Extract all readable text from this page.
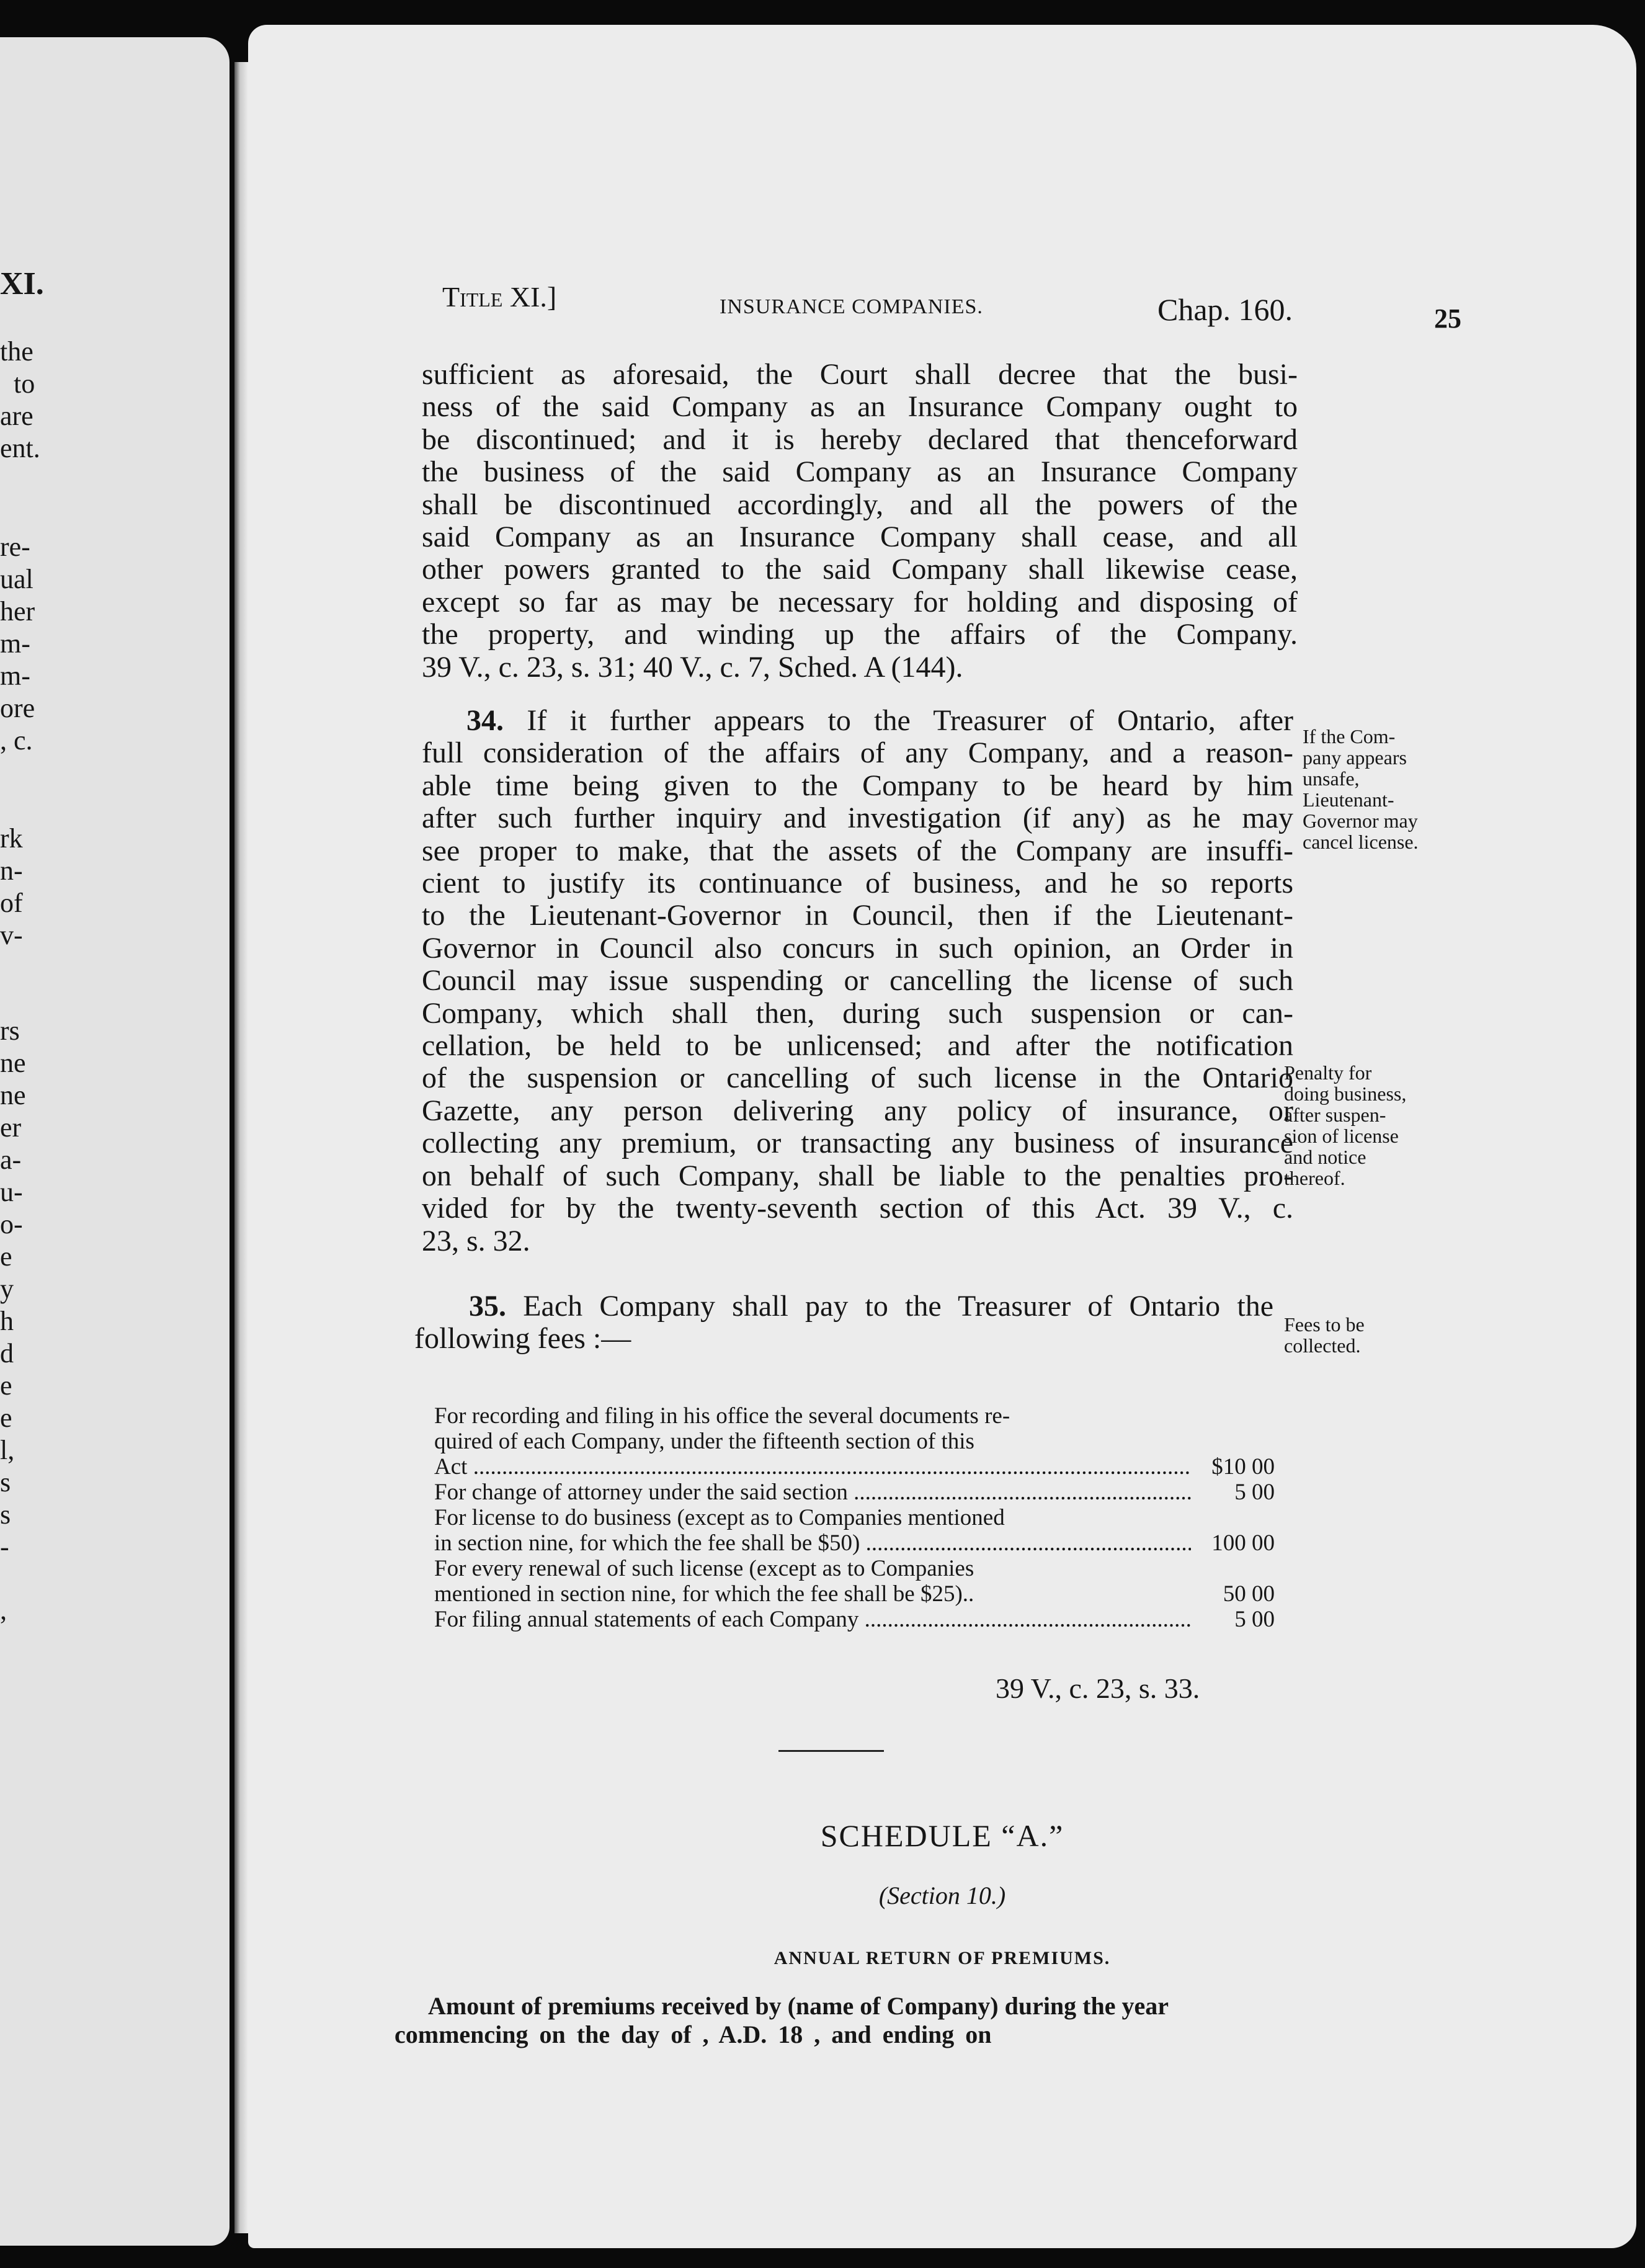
XI.
the
to
are
ent.
re-
ual
her
m-
m-
ore
, c.
rk
n-
of
v-
rs
ne
ne
er
a-
u-
o-
e
y
h
d
e
e
l,
s
s
-
,
Title XI.]	INSURANCE COMPANIES.	Chap. 160.	25
sufficient as aforesaid, the Court shall decree that the busi-
ness of the said Company as an Insurance Company ought to
be discontinued; and it is hereby declared that thenceforward
the business of the said Company as an Insurance Company
shall be discontinued accordingly, and all the powers of the
said Company as an Insurance Company shall cease, and all
other powers granted to the said Company shall likewise cease,
except so far as may be necessary for holding and disposing of
the property, and winding up the affairs of the Company.
39 V., c. 23, s. 31; 40 V., c. 7, Sched. A (144).
34. If it further appears to the Treasurer of Ontario, after
full consideration of the affairs of any Company, and a reason-
able time being given to the Company to be heard by him
after such further inquiry and investigation (if any) as he may
see proper to make, that the assets of the Company are insuffi-
cient to justify its continuance of business, and he so reports
to the Lieutenant-Governor in Council, then if the Lieutenant-
Governor in Council also concurs in such opinion, an Order in
Council may issue suspending or cancelling the license of such
Company, which shall then, during such suspension or can-
cellation, be held to be unlicensed; and after the notification
of the suspension or cancelling of such license in the Ontario
Gazette, any person delivering any policy of insurance, or
collecting any premium, or transacting any business of insurance
on behalf of such Company, shall be liable to the penalties pro-
vided for by the twenty-seventh section of this Act. 39 V., c.
23, s. 32.
If the Com-
pany appears
unsafe,
Lieutenant-
Governor may
cancel license.
Penalty for
doing business,
after suspen-
sion of license
and notice
thereof.
35. Each Company shall pay to the Treasurer of Ontario the
following fees :—	Fees to be
collected.
For recording and filing in his office the several documents re-
quired of each Company, under the fifteenth section of this
Act .....	$10 00
For change of attorney under the said section .....	5 00
For license to do business (except as to Companies mentioned
in section nine, for which the fee shall be $50) .....	100 00
For every renewal of such license (except as to Companies
mentioned in section nine, for which the fee shall be $25)..	50 00
For filing annual statements of each Company .....	5 00
39 V., c. 23, s. 33.
SCHEDULE “A.”
(Section 10.)
ANNUAL RETURN OF PREMIUMS.
Amount of premiums received by (name of Company) during the year
commencing on the day of , A.D. 18 , and ending on
